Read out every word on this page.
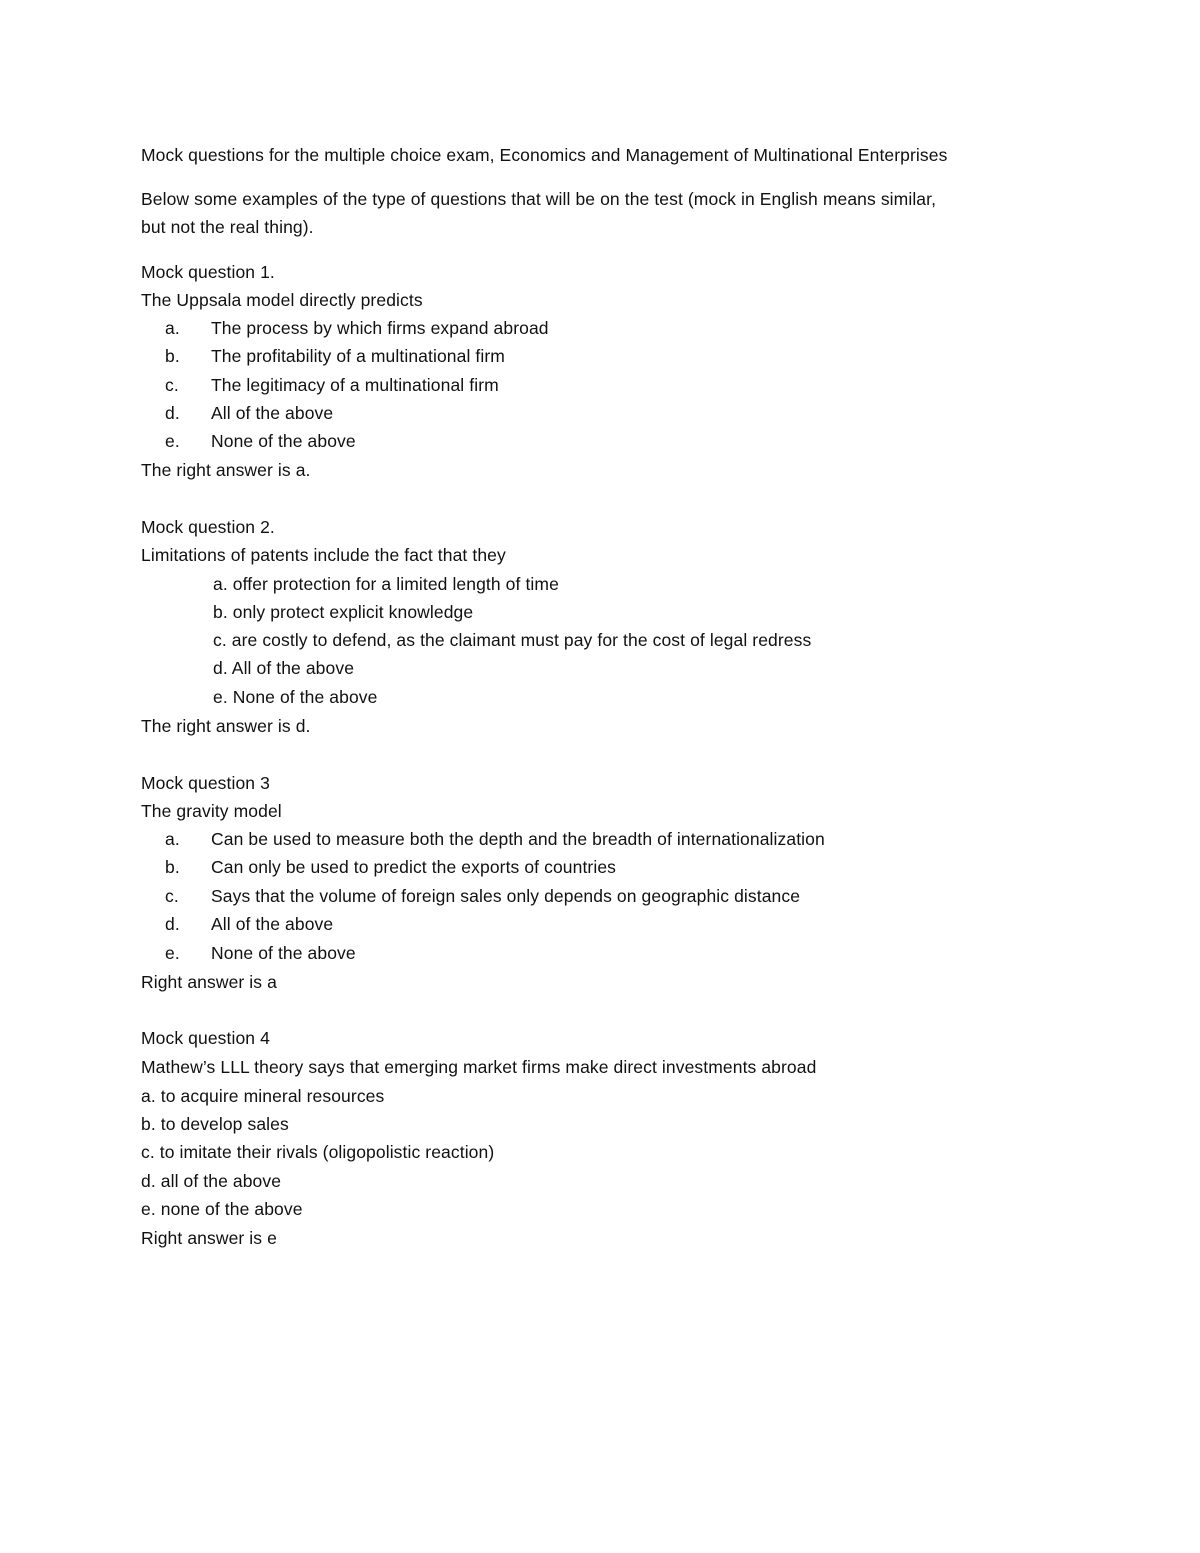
Mock questions for the multiple choice exam, Economics and Management of Multinational Enterprises
Below some examples of the type of questions that will be on the test (mock in English means similar,
but not the real thing).
Mock question 1.
The Uppsala model directly predicts
a. The process by which firms expand abroad
b. The profitability of a multinational firm
c. The legitimacy of a multinational firm
d. All of the above
e. None of the above
The right answer is a.
Mock question 2.
Limitations of patents include the fact that they
a. offer protection for a limited length of time
b. only protect explicit knowledge
c. are costly to defend, as the claimant must pay for the cost of legal redress
d. All of the above
e. None of the above
The right answer is d.
Mock question 3
The gravity model
a. Can be used to measure both the depth and the breadth of internationalization
b. Can only be used to predict the exports of countries
c. Says that the volume of foreign sales only depends on geographic distance
d. All of the above
e. None of the above
Right answer is a
Mock question 4
Mathew’s LLL theory says that emerging market firms make direct investments abroad
a. to acquire mineral resources
b. to develop sales
c. to imitate their rivals (oligopolistic reaction)
d. all of the above
e. none of the above
Right answer is e
